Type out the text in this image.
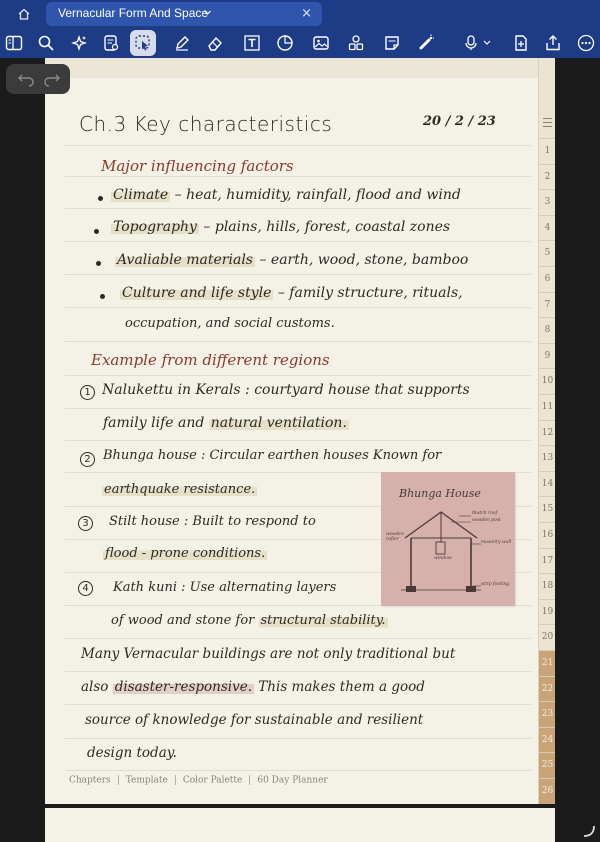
Vernacular Form And Space	×
Ch.3 Key characteristics	20 / 2 / 23
Major influencing factors
Climate – heat, humidity, rainfall, flood and wind
Topography – plains, hills, forest, coastal zones
Avaliable materials – earth, wood, stone, bamboo
Culture and life style – family structure, rituals,
occupation, and social customs.
Example from different regions
1 Nalukettu in Kerals : courtyard house that supports
family life and natural ventilation.
2 Bhunga house : Circular earthen houses Known for
earthquake resistance.
3	Stilt house : Built to respond to
flood - prone conditions.
4	Kath kuni : Use alternating layers
of wood and stone for structural stability.
Many Vernacular buildings are not only traditional but
also disaster-responsive. This makes them a good
source of knowledge for sustainable and resilient
design today.
Bhunga House
thatch roof
wooden post
masonry wall
wooden rafter
window
strip footing
Chapters Template Color Palette 60 Day Planner
1
2
3
4
5
6
7
8
9
10
11
12
13
14
15
16
17
18
19
20
21
22
23
24
25
26
